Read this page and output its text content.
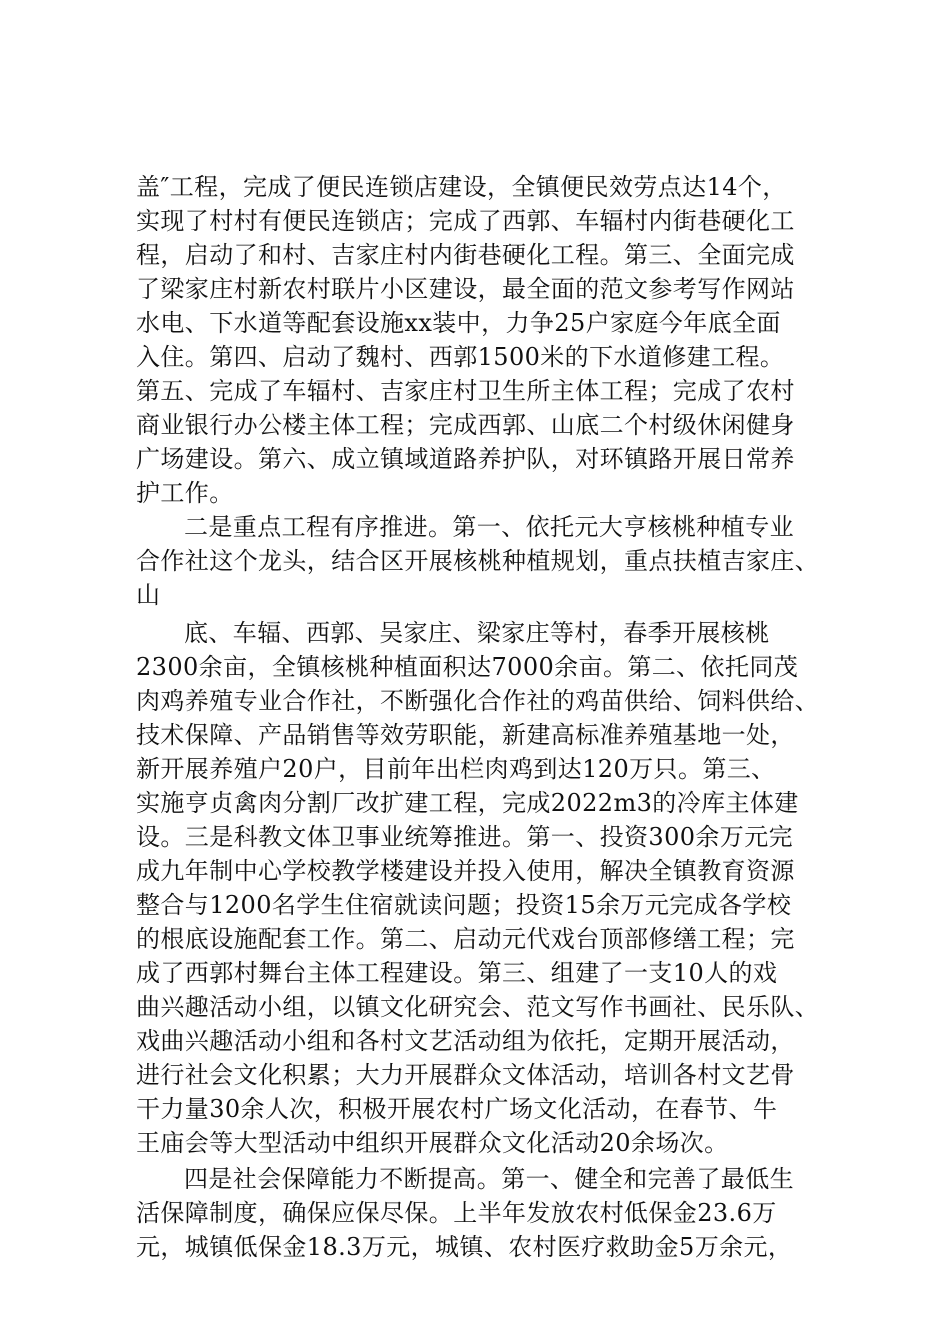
盖″工程，完成了便民连锁店建设，全镇便民效劳点达14个，
实现了村村有便民连锁店；完成了西郭、车辐村内街巷硬化工
程，启动了和村、吉家庄村内街巷硬化工程。第三、全面完成
了梁家庄村新农村联片小区建设，最全面的范文参考写作网站
水电、下水道等配套设施xx装中，力争25户家庭今年底全面
入住。第四、启动了魏村、西郭1500米的下水道修建工程。
第五、完成了车辐村、吉家庄村卫生所主体工程；完成了农村
商业银行办公楼主体工程；完成西郭、山底二个村级休闲健身
广场建设。第六、成立镇域道路养护队，对环镇路开展日常养
护工作。
二是重点工程有序推进。第一、依托元大亨核桃种植专业
合作社这个龙头，结合区开展核桃种植规划，重点扶植吉家庄、
山
底、车辐、西郭、吴家庄、梁家庄等村，春季开展核桃
2300余亩，全镇核桃种植面积达7000余亩。第二、依托同茂
肉鸡养殖专业合作社，不断强化合作社的鸡苗供给、饲料供给、
技术保障、产品销售等效劳职能，新建高标准养殖基地一处，
新开展养殖户20户，目前年出栏肉鸡到达120万只。第三、
实施亨贞禽肉分割厂改扩建工程，完成2022m3的冷库主体建
设。三是科教文体卫事业统筹推进。第一、投资300余万元完
成九年制中心学校教学楼建设并投入使用，解决全镇教育资源
整合与1200名学生住宿就读问题；投资15余万元完成各学校
的根底设施配套工作。第二、启动元代戏台顶部修缮工程；完
成了西郭村舞台主体工程建设。第三、组建了一支10人的戏
曲兴趣活动小组，以镇文化研究会、范文写作书画社、民乐队、
戏曲兴趣活动小组和各村文艺活动组为依托，定期开展活动，
进行社会文化积累；大力开展群众文体活动，培训各村文艺骨
干力量30余人次，积极开展农村广场文化活动，在春节、牛
王庙会等大型活动中组织开展群众文化活动20余场次。
四是社会保障能力不断提高。第一、健全和完善了最低生
活保障制度，确保应保尽保。上半年发放农村低保金23.6万
元，城镇低保金18.3万元，城镇、农村医疗救助金5万余元，
